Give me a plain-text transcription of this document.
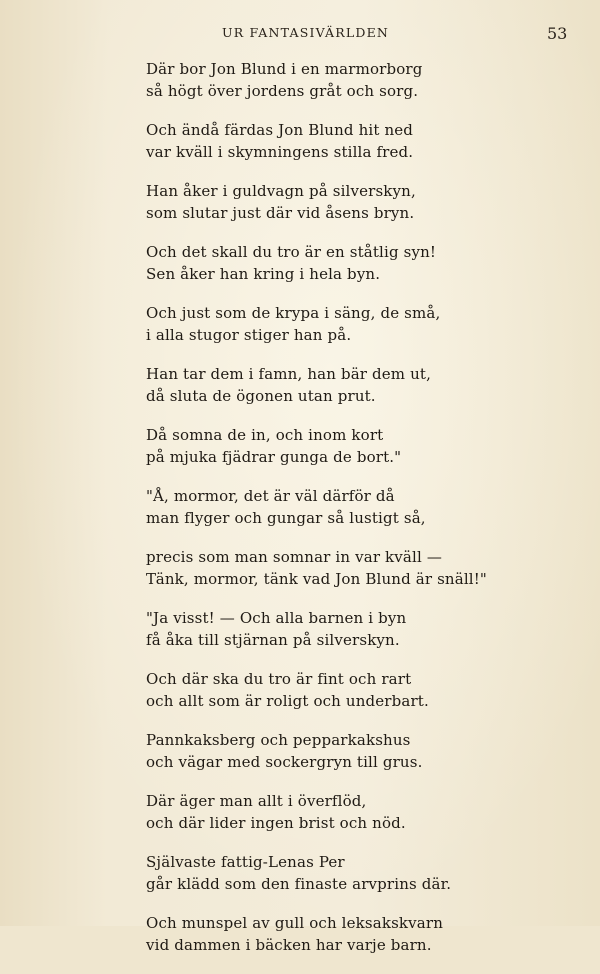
UR FANTASIVÄRLDEN	53
Där bor Jon Blund i en marmorborg
så högt över jordens gråt och sorg.
Och ändå färdas Jon Blund hit ned
var kväll i skymningens stilla fred.
Han åker i guldvagn på silverskyn,
som slutar just där vid åsens bryn.
Och det skall du tro är en ståtlig syn!
Sen åker han kring i hela byn.
Och just som de krypa i säng, de små,
i alla stugor stiger han på.
Han tar dem i famn, han bär dem ut,
då sluta de ögonen utan prut.
Då somna de in, och inom kort
på mjuka fjädrar gunga de bort."
"Å, mormor, det är väl därför då
man flyger och gungar så lustigt så,
precis som man somnar in var kväll —
Tänk, mormor, tänk vad Jon Blund är snäll!"
"Ja visst! — Och alla barnen i byn
få åka till stjärnan på silverskyn.
Och där ska du tro är fint och rart
och allt som är roligt och underbart.
Pannkaksberg och pepparkakshus
och vägar med sockergryn till grus.
Där äger man allt i överflöd,
och där lider ingen brist och nöd.
Självaste fattig-Lenas Per
går klädd som den finaste arvprins där.
Och munspel av gull och leksakskvarn
vid dammen i bäcken har varje barn.
